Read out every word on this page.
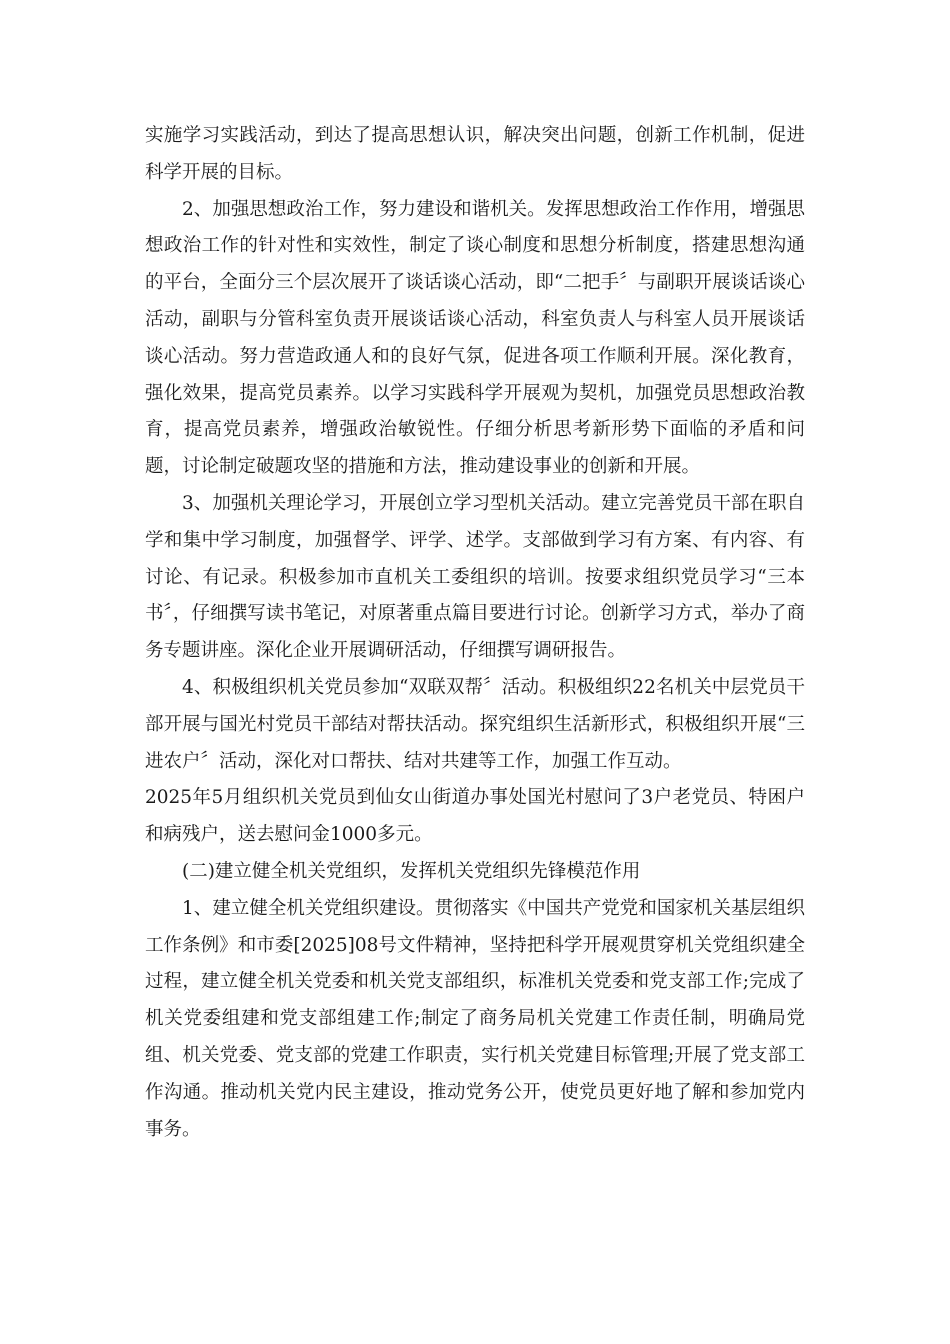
实施学习实践活动，到达了提高思想认识，解决突出问题，创新工作机制，促进科学开展的目标。

2、加强思想政治工作，努力建设和谐机关。发挥思想政治工作作用，增强思想政治工作的针对性和实效性，制定了谈心制度和思想分析制度，搭建思想沟通的平台，全面分三个层次展开了谈话谈心活动，即“二把手〞与副职开展谈话谈心活动，副职与分管科室负责开展谈话谈心活动，科室负责人与科室人员开展谈话谈心活动。努力营造政通人和的良好气氛，促进各项工作顺利开展。深化教育，强化效果，提高党员素养。以学习实践科学开展观为契机，加强党员思想政治教育，提高党员素养，增强政治敏锐性。仔细分析思考新形势下面临的矛盾和问题，讨论制定破题攻坚的措施和方法，推动建设事业的创新和开展。

3、加强机关理论学习，开展创立学习型机关活动。建立完善党员干部在职自学和集中学习制度，加强督学、评学、述学。支部做到学习有方案、有内容、有讨论、有记录。积极参加市直机关工委组织的培训。按要求组织党员学习“三本书〞，仔细撰写读书笔记，对原著重点篇目要进行讨论。创新学习方式，举办了商务专题讲座。深化企业开展调研活动，仔细撰写调研报告。

4、积极组织机关党员参加“双联双帮〞活动。积极组织22名机关中层党员干部开展与国光村党员干部结对帮扶活动。探究组织生活新形式，积极组织开展“三进农户〞活动，深化对口帮扶、结对共建等工作，加强工作互动。

2025年5月组织机关党员到仙女山街道办事处国光村慰问了3户老党员、特困户和病残户，送去慰问金1000多元。

(二)建立健全机关党组织，发挥机关党组织先锋模范作用

1、建立健全机关党组织建设。贯彻落实《中国共产党党和国家机关基层组织工作条例》和市委[2025]08号文件精神，坚持把科学开展观贯穿机关党组织建全过程，建立健全机关党委和机关党支部组织，标准机关党委和党支部工作;完成了机关党委组建和党支部组建工作;制定了商务局机关党建工作责任制，明确局党组、机关党委、党支部的党建工作职责，实行机关党建目标管理;开展了党支部工作沟通。推动机关党内民主建设，推动党务公开，使党员更好地了解和参加党内事务。
